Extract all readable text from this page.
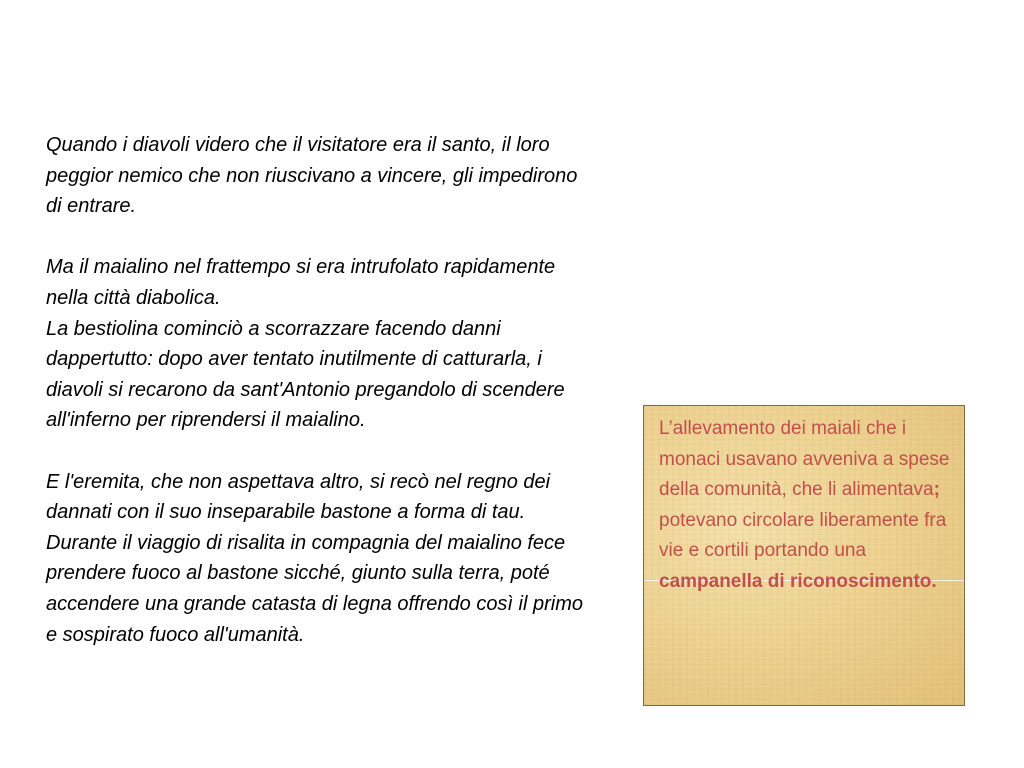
Quando i diavoli videro che il visitatore era il santo, il loro peggior nemico che non riuscivano a vincere, gli impedirono di entrare.

Ma il maialino nel frattempo si era intrufolato rapidamente nella città diabolica.

La bestiolina cominciò a scorrazzare facendo danni dappertutto: dopo aver tentato inutilmente di catturarla, i diavoli si recarono da sant'Antonio pregandolo di scendere all'inferno per riprendersi il maialino.

E l'eremita, che non aspettava altro, si recò nel regno dei dannati con il suo inseparabile bastone a forma di tau.

Durante il viaggio di risalita in compagnia del maialino fece prendere fuoco al bastone sicché, giunto sulla terra, poté accendere una grande catasta di legna offrendo così il primo e sospirato fuoco all'umanità.

L’allevamento dei maiali che i monaci usavano avveniva a spese della comunità, che li alimentava; potevano circolare liberamente fra vie e cortili portando una campanella di riconoscimento.
